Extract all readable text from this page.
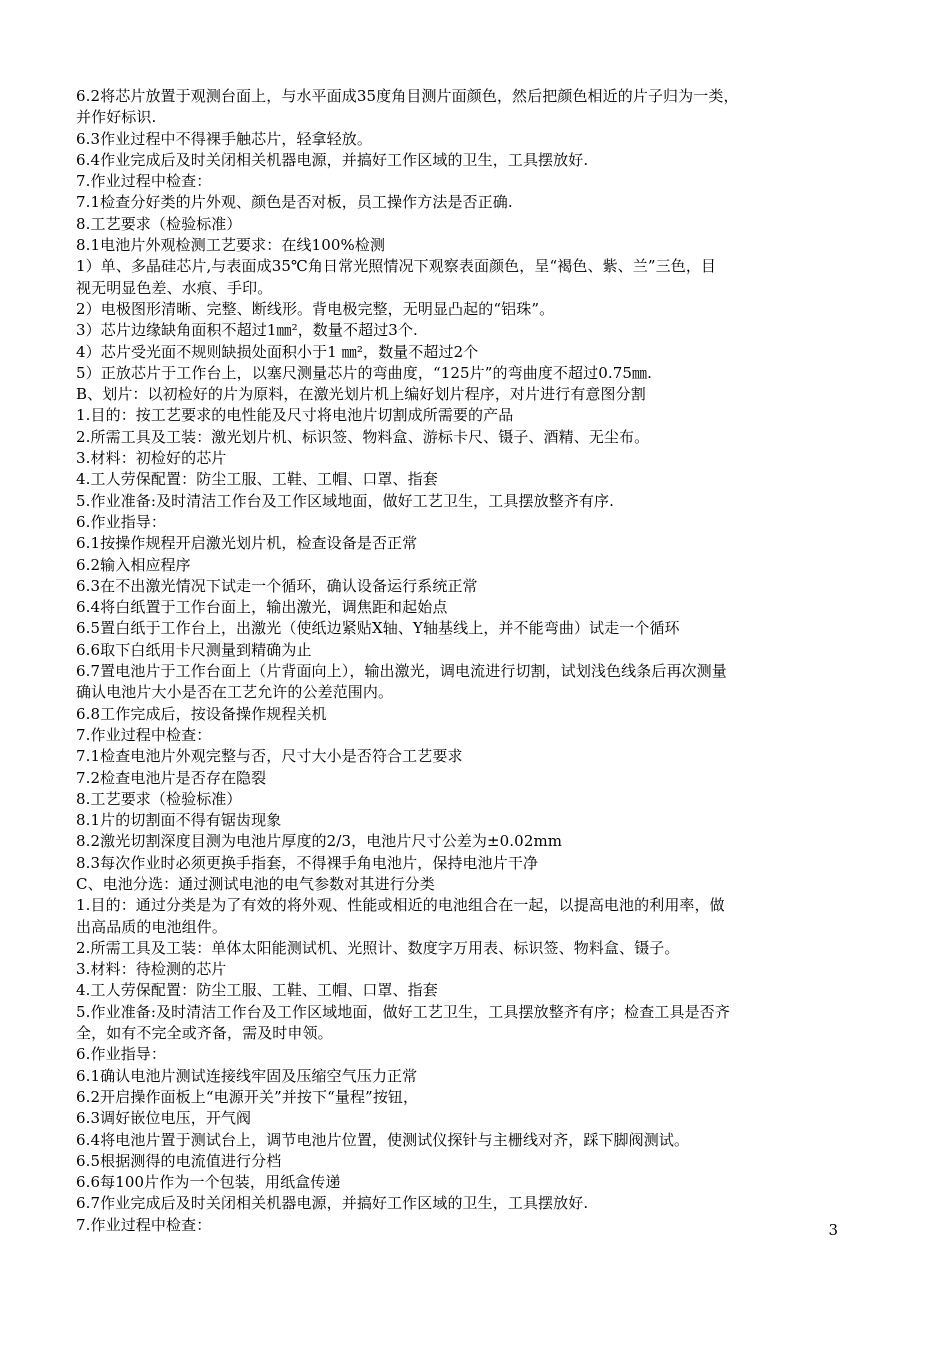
6.2将芯片放置于观测台面上，与水平面成35度角目测片面颜色，然后把颜色相近的片子归为一类，
并作好标识.
6.3作业过程中不得裸手触芯片，轻拿轻放。
6.4作业完成后及时关闭相关机器电源，并搞好工作区域的卫生，工具摆放好.
7.作业过程中检查：
7.1检查分好类的片外观、颜色是否对板，员工操作方法是否正确.
8.工艺要求（检验标准）
8.1电池片外观检测工艺要求：在线100%检测
1）单、多晶硅芯片,与表面成35℃角日常光照情况下观察表面颜色，呈“褐色、紫、兰”三色，目
视无明显色差、水痕、手印。
2）电极图形清晰、完整、断线形。背电极完整，无明显凸起的“铝珠”。
3）芯片边缘缺角面积不超过1㎜²，数量不超过3个.
4）芯片受光面不规则缺损处面积小于1 ㎜²，数量不超过2个
5）正放芯片于工作台上，以塞尺测量芯片的弯曲度，“125片”的弯曲度不超过0.75㎜.
B、划片：以初检好的片为原料，在激光划片机上编好划片程序，对片进行有意图分割
1.目的：按工艺要求的电性能及尺寸将电池片切割成所需要的产品
2.所需工具及工装：激光划片机、标识签、物料盒、游标卡尺、镊子、酒精、无尘布。
3.材料：初检好的芯片
4.工人劳保配置：防尘工服、工鞋、工帽、口罩、指套
5.作业准备:及时清洁工作台及工作区域地面，做好工艺卫生，工具摆放整齐有序.
6.作业指导：
6.1按操作规程开启激光划片机，检查设备是否正常
6.2输入相应程序
6.3在不出激光情况下试走一个循环，确认设备运行系统正常
6.4将白纸置于工作台面上，输出激光，调焦距和起始点
6.5置白纸于工作台上，出激光（使纸边紧贴X轴、Y轴基线上，并不能弯曲）试走一个循环
6.6取下白纸用卡尺测量到精确为止
6.7置电池片于工作台面上（片背面向上），输出激光，调电流进行切割，试划浅色线条后再次测量
确认电池片大小是否在工艺允许的公差范围内。
6.8工作完成后，按设备操作规程关机
7.作业过程中检查：
7.1检查电池片外观完整与否，尺寸大小是否符合工艺要求
7.2检查电池片是否存在隐裂
8.工艺要求（检验标准）
8.1片的切割面不得有锯齿现象
8.2激光切割深度目测为电池片厚度的2/3，电池片尺寸公差为±0.02mm
8.3每次作业时必须更换手指套，不得裸手角电池片，保持电池片干净
C、电池分选：通过测试电池的电气参数对其进行分类
1.目的：通过分类是为了有效的将外观、性能或相近的电池组合在一起，以提高电池的利用率，做
出高品质的电池组件。
2.所需工具及工装：单体太阳能测试机、光照计、数度字万用表、标识签、物料盒、镊子。
3.材料：待检测的芯片
4.工人劳保配置：防尘工服、工鞋、工帽、口罩、指套
5.作业准备:及时清洁工作台及工作区域地面，做好工艺卫生，工具摆放整齐有序；检查工具是否齐
全，如有不完全或齐备，需及时申领。
6.作业指导：
6.1确认电池片测试连接线牢固及压缩空气压力正常
6.2开启操作面板上“电源开关”并按下“量程”按钮，
6.3调好嵌位电压，开气阀
6.4将电池片置于测试台上，调节电池片位置，使测试仪探针与主栅线对齐，踩下脚阀测试。
6.5根据测得的电流值进行分档
6.6每100片作为一个包装，用纸盒传递
6.7作业完成后及时关闭相关机器电源，并搞好工作区域的卫生，工具摆放好.
7.作业过程中检查：	3
